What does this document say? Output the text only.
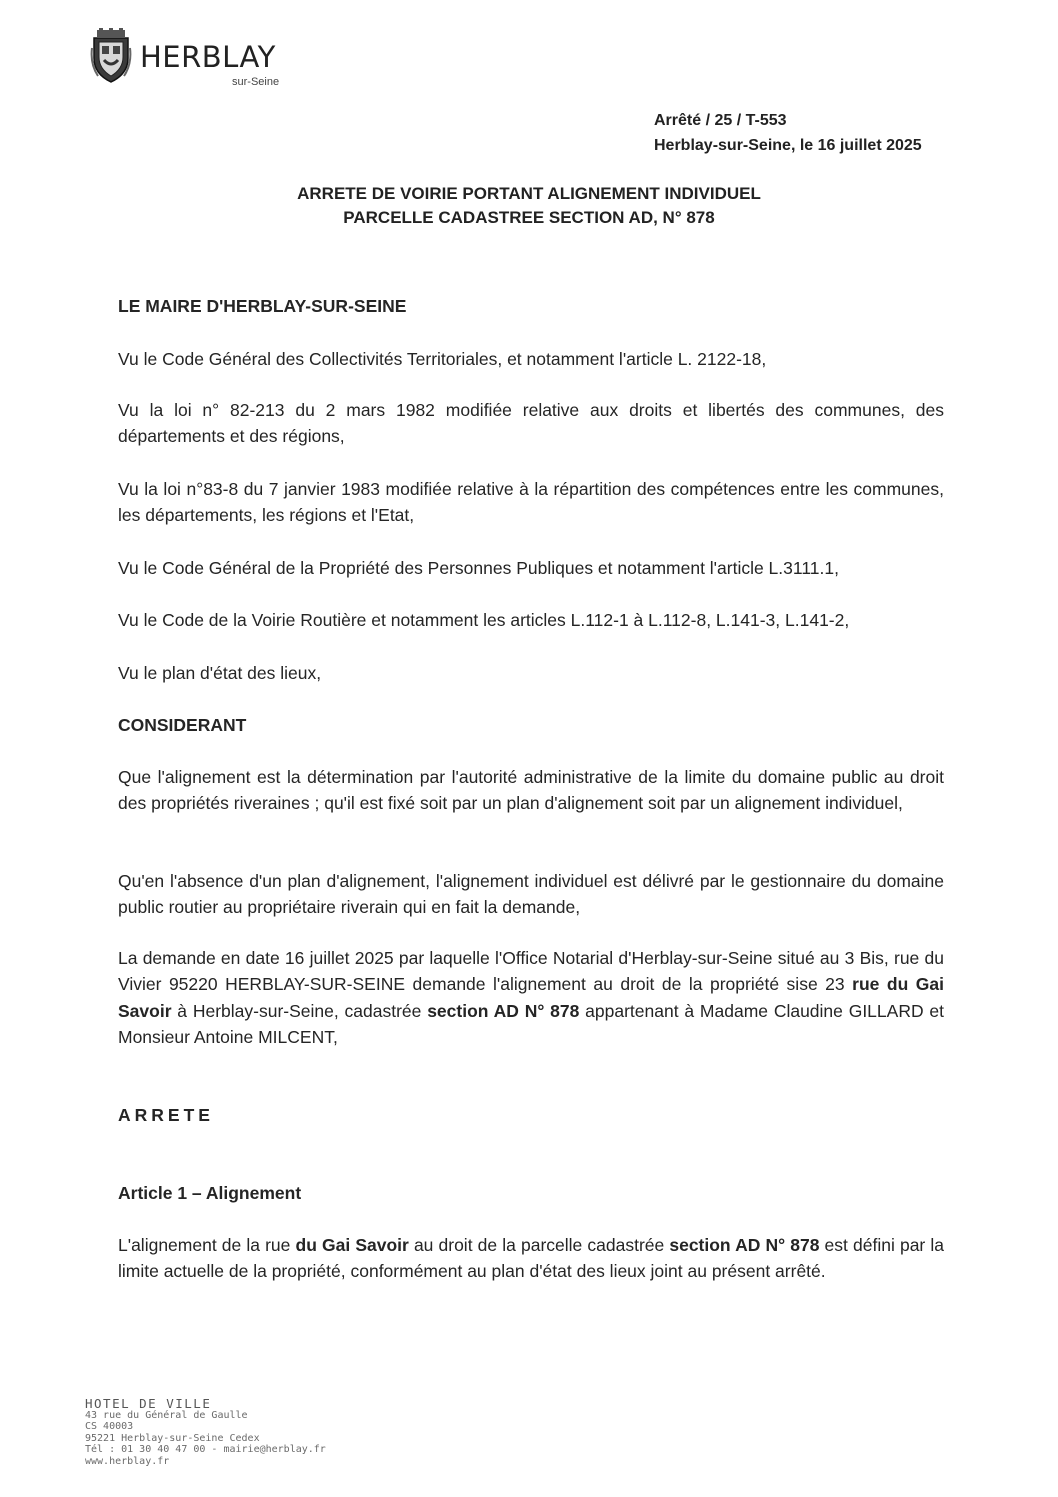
HERBLAY
sur-Seine
Arrêté / 25 / T-553
Herblay-sur-Seine, le 16 juillet 2025
ARRETE DE VOIRIE PORTANT ALIGNEMENT INDIVIDUEL
PARCELLE CADASTREE SECTION AD, N° 878
LE MAIRE D'HERBLAY-SUR-SEINE
Vu le Code Général des Collectivités Territoriales, et notamment l'article L. 2122-18,
Vu la loi n° 82-213 du 2 mars 1982 modifiée relative aux droits et libertés des communes, des départements et des régions,
Vu la loi n°83-8 du 7 janvier 1983 modifiée relative à la répartition des compétences entre les communes, les départements, les régions et l'Etat,
Vu le Code Général de la Propriété des Personnes Publiques et notamment l'article L.3111.1,
Vu le Code de la Voirie Routière et notamment les articles L.112-1 à L.112-8, L.141-3, L.141-2,
Vu le plan d'état des lieux,
CONSIDERANT
Que l'alignement est la détermination par l'autorité administrative de la limite du domaine public au droit des propriétés riveraines ; qu'il est fixé soit par un plan d'alignement soit par un alignement individuel,
Qu'en l'absence d'un plan d'alignement, l'alignement individuel est délivré par le gestionnaire du domaine public routier au propriétaire riverain qui en fait la demande,
La demande en date 16 juillet 2025 par laquelle l'Office Notarial d'Herblay-sur-Seine situé au 3 Bis, rue du Vivier 95220 HERBLAY-SUR-SEINE demande l'alignement au droit de la propriété sise 23 rue du Gai Savoir à Herblay-sur-Seine, cadastrée section AD N° 878 appartenant à Madame Claudine GILLARD et Monsieur Antoine MILCENT,
ARRETE
Article 1 – Alignement
L'alignement de la rue du Gai Savoir au droit de la parcelle cadastrée section AD N° 878 est défini par la limite actuelle de la propriété, conformément au plan d'état des lieux joint au présent arrêté.
HOTEL DE VILLE
43 rue du Général de Gaulle
CS 40003
95221 Herblay-sur-Seine Cedex
Tél : 01 30 40 47 00 - mairie@herblay.fr
www.herblay.fr
